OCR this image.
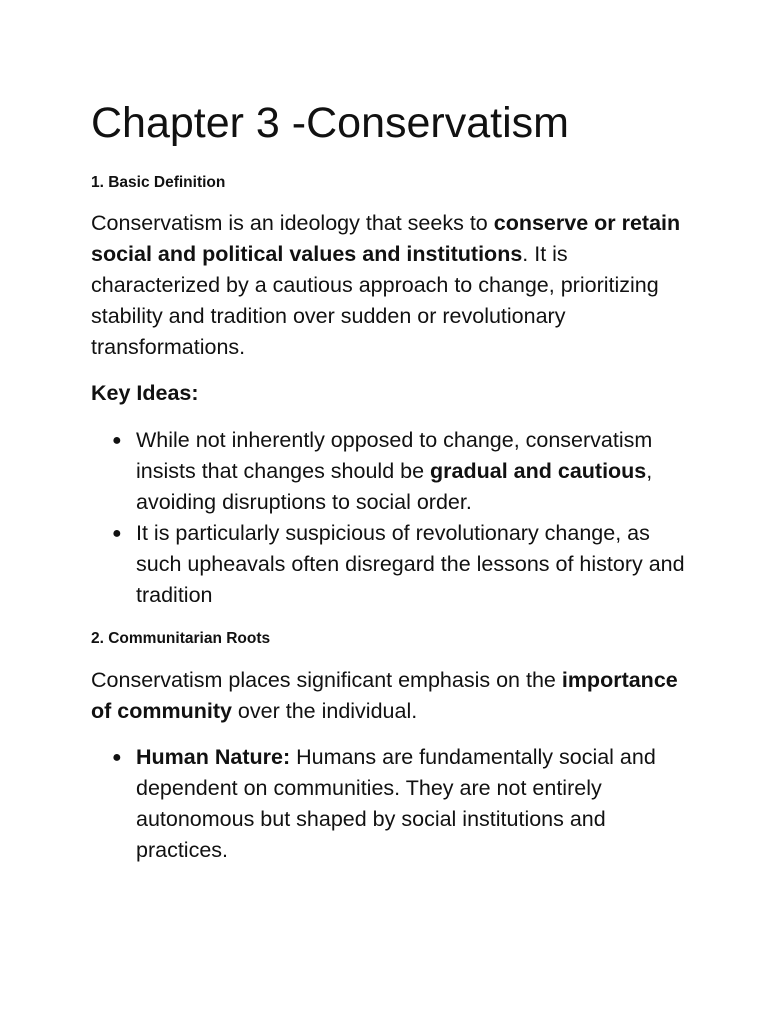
Chapter 3 -Conservatism
1. Basic Definition

Conservatism is an ideology that seeks to conserve or retain social and political values and institutions. It is characterized by a cautious approach to change, prioritizing stability and tradition over sudden or revolutionary transformations.

Key Ideas:
● While not inherently opposed to change, conservatism insists that changes should be gradual and cautious, avoiding disruptions to social order.
● It is particularly suspicious of revolutionary change, as such upheavals often disregard the lessons of history and tradition
2. Communitarian Roots

Conservatism places significant emphasis on the importance of community over the individual.

● Human Nature: Humans are fundamentally social and dependent on communities. They are not entirely autonomous but shaped by social institutions and practices.
